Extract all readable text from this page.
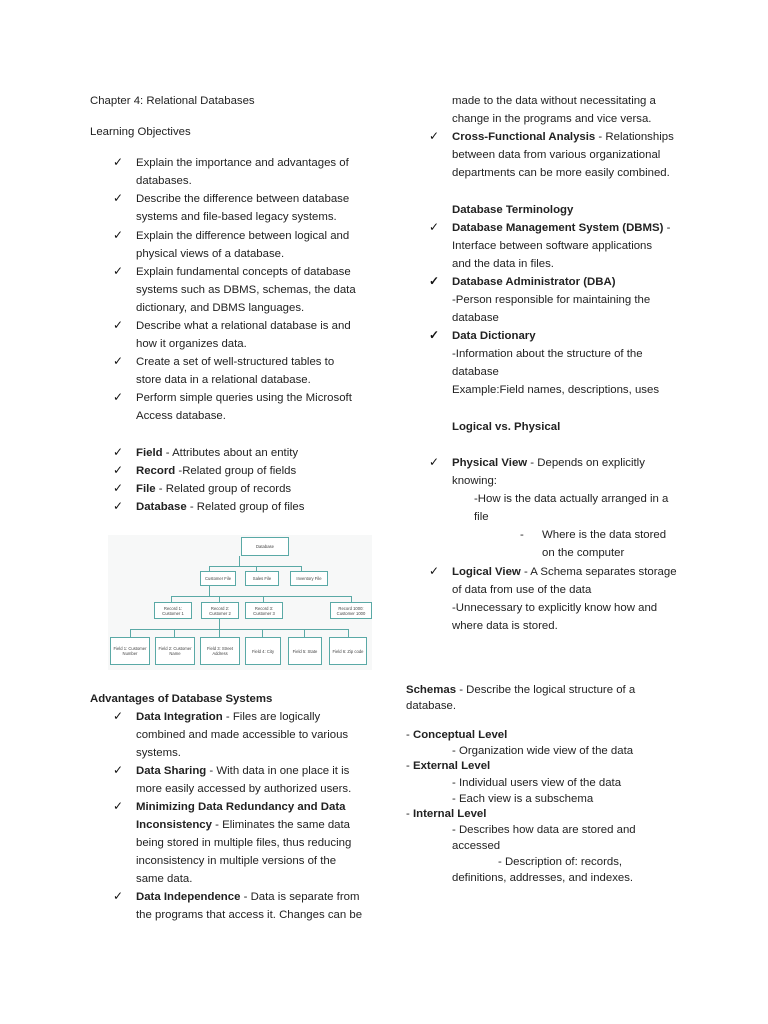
Chapter 4: Relational Databases
Learning Objectives
✓ Explain the importance and advantages of
databases.
✓ Describe the difference between database
systems and file-based legacy systems.
✓ Explain the difference between logical and
physical views of a database.
✓ Explain fundamental concepts of database
systems such as DBMS, schemas, the data
dictionary, and DBMS languages.
✓ Describe what a relational database is and
how it organizes data.
✓ Create a set of well-structured tables to
store data in a relational database.
✓ Perform simple queries using the Microsoft
Access database.
✓ Field - Attributes about an entity
✓ Record -Related group of fields
✓ File - Related group of records
✓ Database - Related group of files
Database
Customer File	Sales File	Inventory File
Record 1: Customer 1
Record 2: Customer 2
Record 3: Customer 3
Record 1000: Customer 1000
Field 1: Customer Number
Field 2: Customer Name
Field 3: Street Address	Field 4: City	Field 5: State	Field 6: Zip code
Advantages of Database Systems
✓ Data Integration - Files are logically
combined and made accessible to various
systems.
✓ Data Sharing - With data in one place it is
more easily accessed by authorized users.
✓ Minimizing Data Redundancy and Data
Inconsistency - Eliminates the same data
being stored in multiple files, thus reducing
inconsistency in multiple versions of the
same data.
✓ Data Independence - Data is separate from
the programs that access it. Changes can be
made to the data without necessitating a
change in the programs and vice versa.
✓ Cross-Functional Analysis - Relationships
between data from various organizational
departments can be more easily combined.
Database Terminology
✓ Database Management System (DBMS) -
Interface between software applications
and the data in files.
✓ Database Administrator (DBA)
-Person responsible for maintaining the
database
✓ Data Dictionary
-Information about the structure of the
database
Example:Field names, descriptions, uses
Logical vs. Physical
✓ Physical View - Depends on explicitly
knowing:
-How is the data actually arranged in a
file
- Where is the data stored
on the computer
✓ Logical View - A Schema separates storage
of data from use of the data
-Unnecessary to explicitly know how and
where data is stored.
Schemas - Describe the logical structure of a
database.
- Conceptual Level
- Organization wide view of the data
- External Level
- Individual users view of the data
- Each view is a subschema
- Internal Level
- Describes how data are stored and
accessed
- Description of: records,
definitions, addresses, and indexes.
